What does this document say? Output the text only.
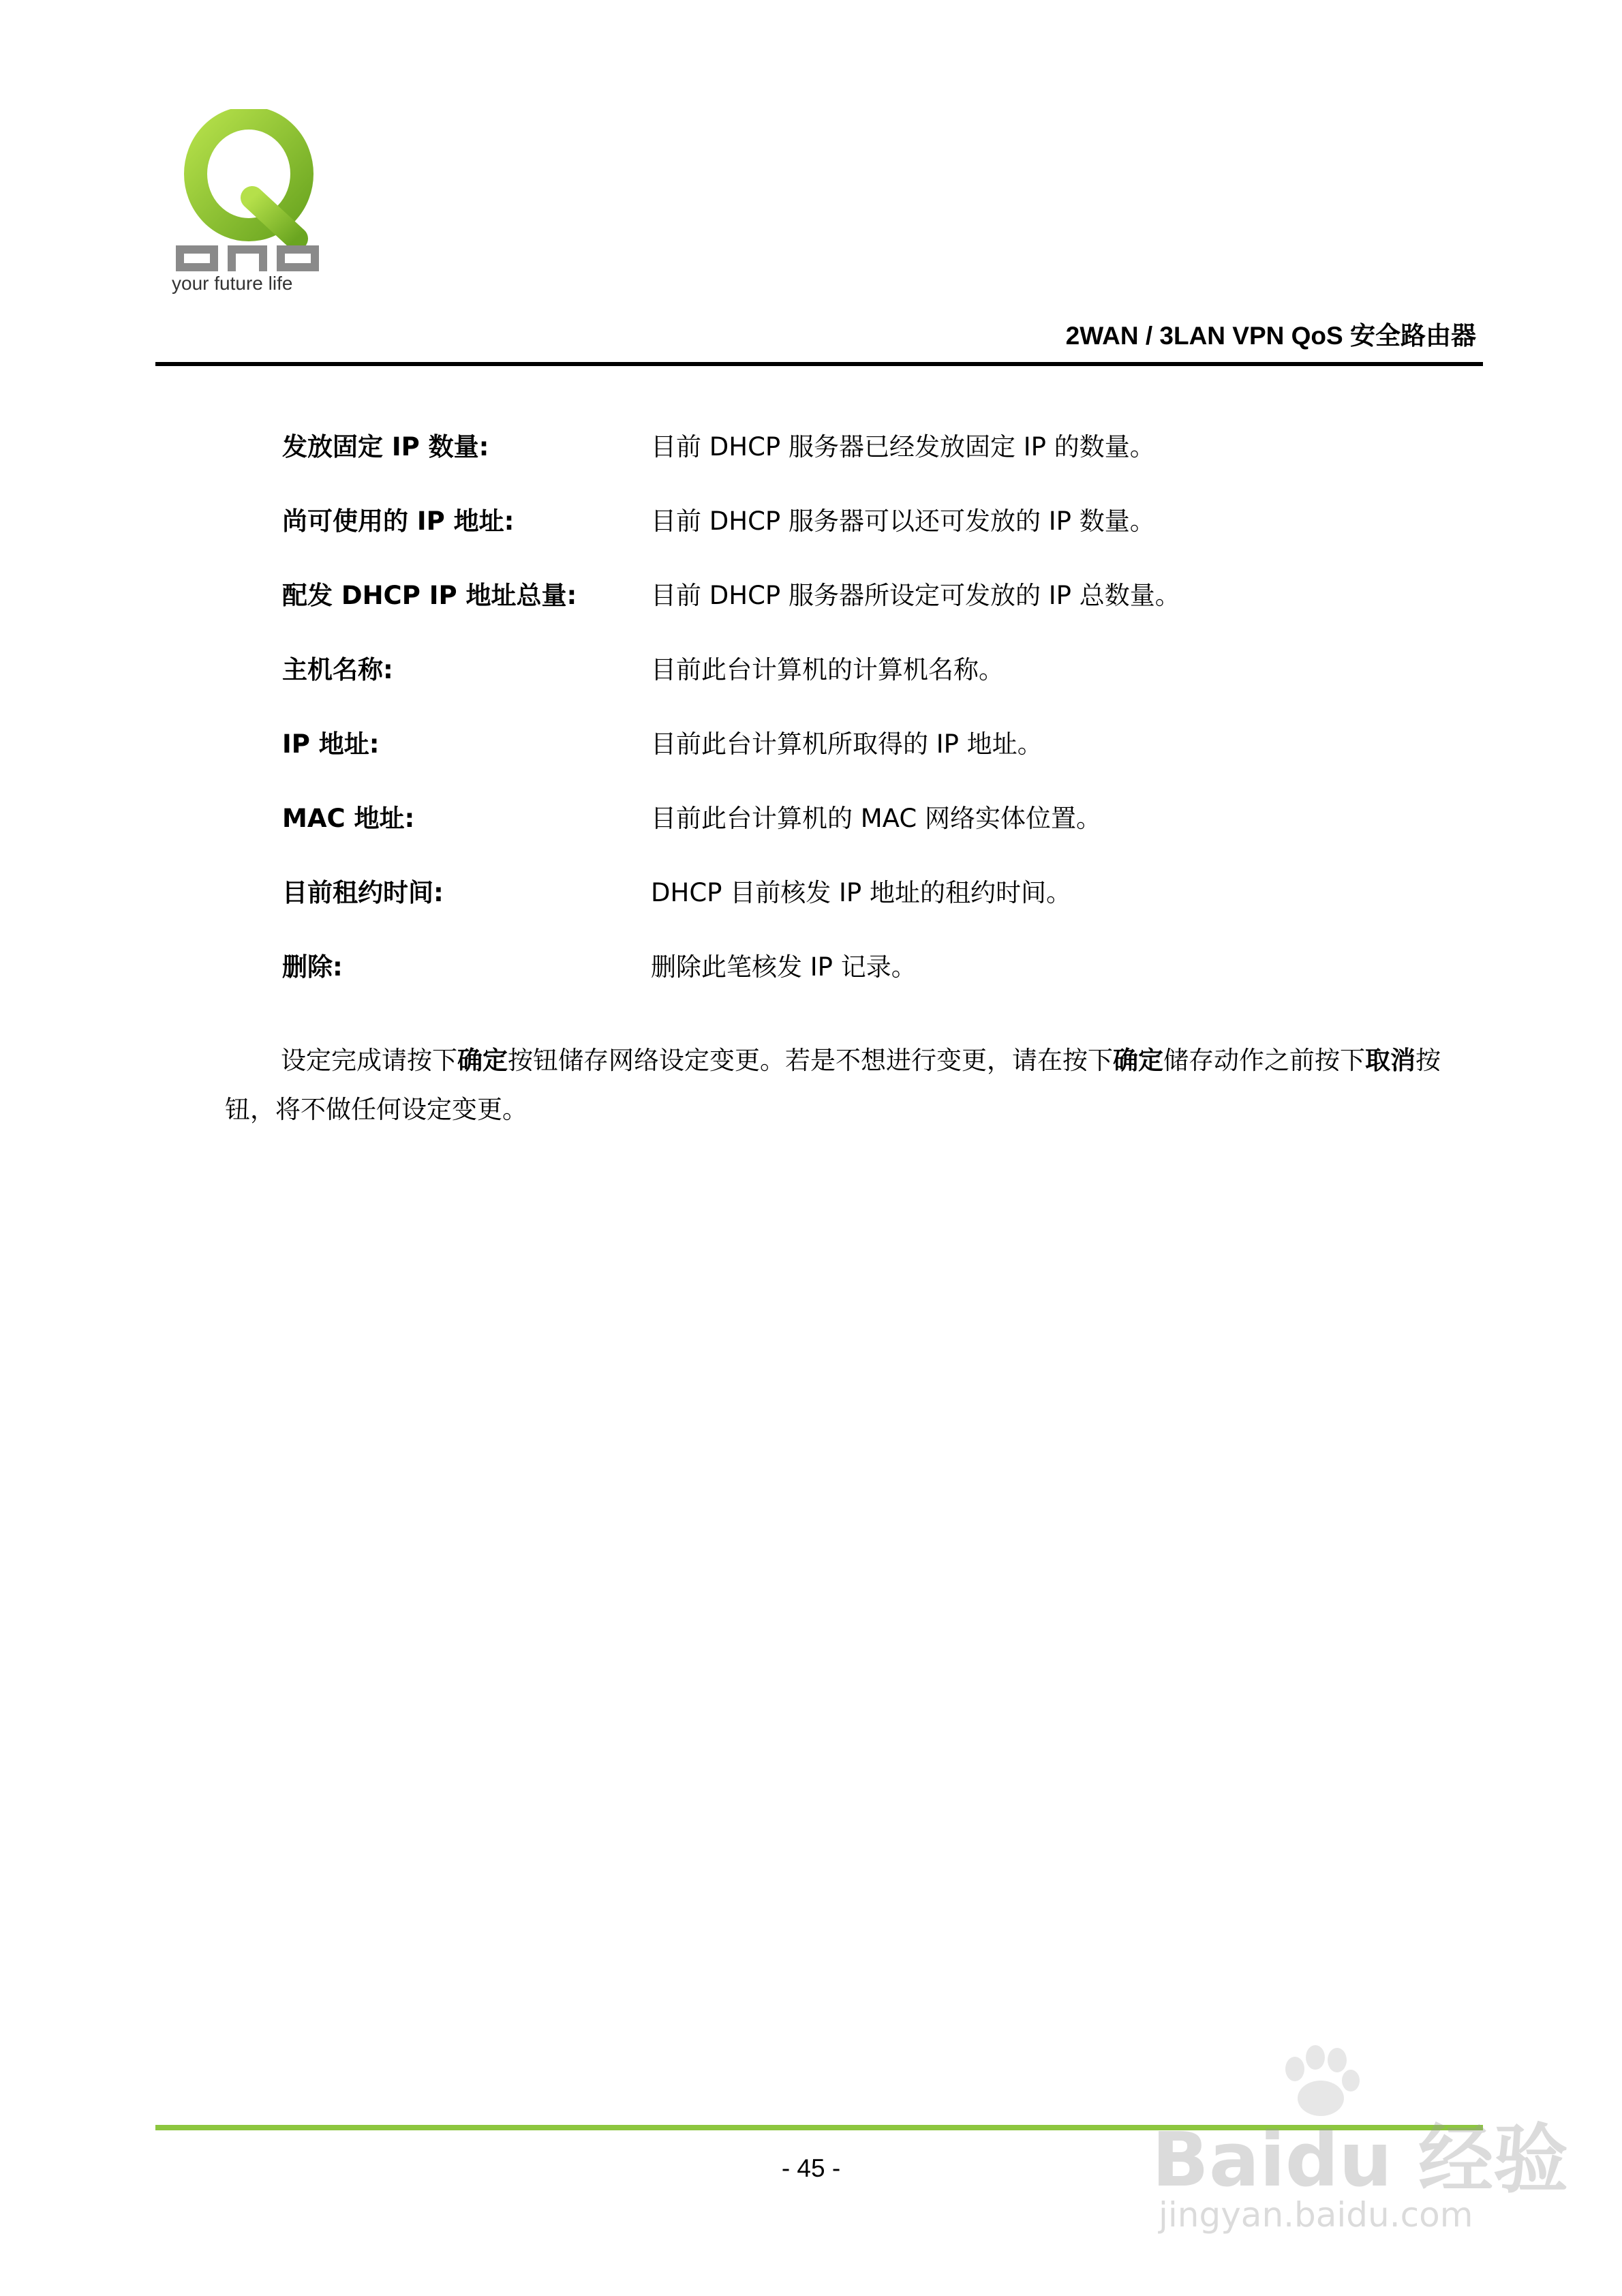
your future life
2WAN / 3LAN VPN QoS 安全路由器
发放固定 IP 数量:	目前 DHCP 服务器已经发放固定 IP 的数量。
尚可使用的 IP 地址:	目前 DHCP 服务器可以还可发放的 IP 数量。
配发 DHCP IP 地址总量:	目前 DHCP 服务器所设定可发放的 IP 总数量。
主机名称:	目前此台计算机的计算机名称。
IP 地址:	目前此台计算机所取得的 IP 地址。
MAC 地址:	目前此台计算机的 MAC 网络实体位置。
目前租约时间:	DHCP 目前核发 IP 地址的租约时间。
删除:	删除此笔核发 IP 记录。
设定完成请按下确定按钮储存网络设定变更。若是不想进行变更，请在按下确定储存动作之前按下取消按钮，将不做任何设定变更。
- 45 -	Baidu 经验
jingyan.baidu.com
